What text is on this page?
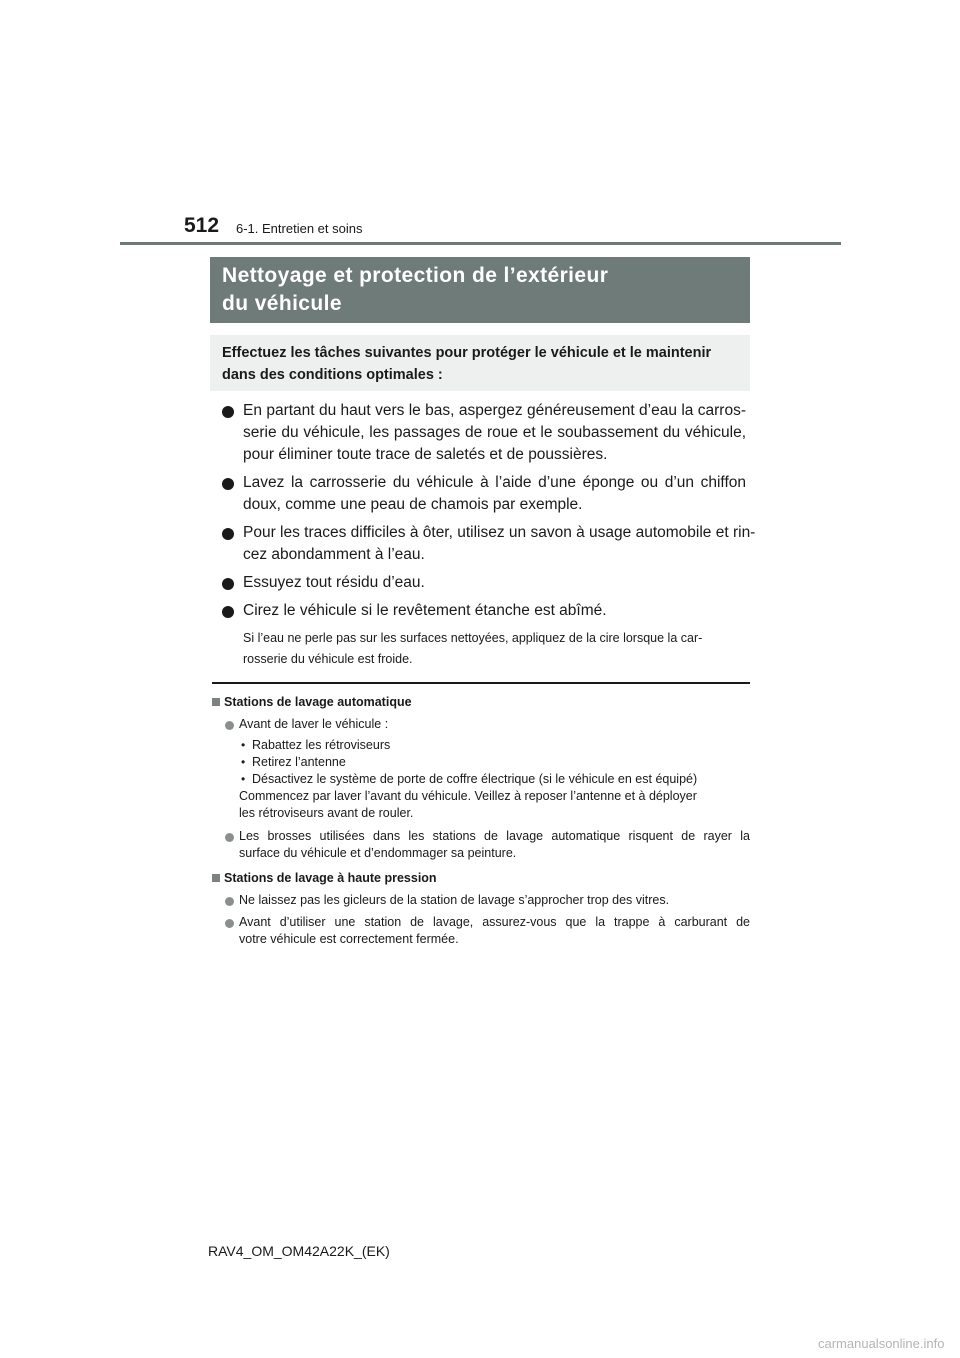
512 6-1. Entretien et soins
Nettoyage et protection de l’extérieur
du véhicule
Effectuez les tâches suivantes pour protéger le véhicule et le maintenir
dans des conditions optimales :
En partant du haut vers le bas, aspergez généreusement d’eau la carros-
serie du véhicule, les passages de roue et le soubassement du véhicule,
pour éliminer toute trace de saletés et de poussières.
Lavez la carrosserie du véhicule à l’aide d’une éponge ou d’un chiffon
doux, comme une peau de chamois par exemple.
Pour les traces difficiles à ôter, utilisez un savon à usage automobile et rin-
cez abondamment à l’eau.
Essuyez tout résidu d’eau.
Cirez le véhicule si le revêtement étanche est abîmé.
Si l’eau ne perle pas sur les surfaces nettoyées, appliquez de la cire lorsque la car-
rosserie du véhicule est froide.
Stations de lavage automatique
Avant de laver le véhicule :
• Rabattez les rétroviseurs
• Retirez l’antenne
• Désactivez le système de porte de coffre électrique (si le véhicule en est équipé)
Commencez par laver l’avant du véhicule. Veillez à reposer l’antenne et à déployer
les rétroviseurs avant de rouler.
Les brosses utilisées dans les stations de lavage automatique risquent de rayer la
surface du véhicule et d’endommager sa peinture.
Stations de lavage à haute pression
Ne laissez pas les gicleurs de la station de lavage s’approcher trop des vitres.
Avant d’utiliser une station de lavage, assurez-vous que la trappe à carburant de
votre véhicule est correctement fermée.
RAV4_OM_OM42A22K_(EK)
carmanualsonline.info
